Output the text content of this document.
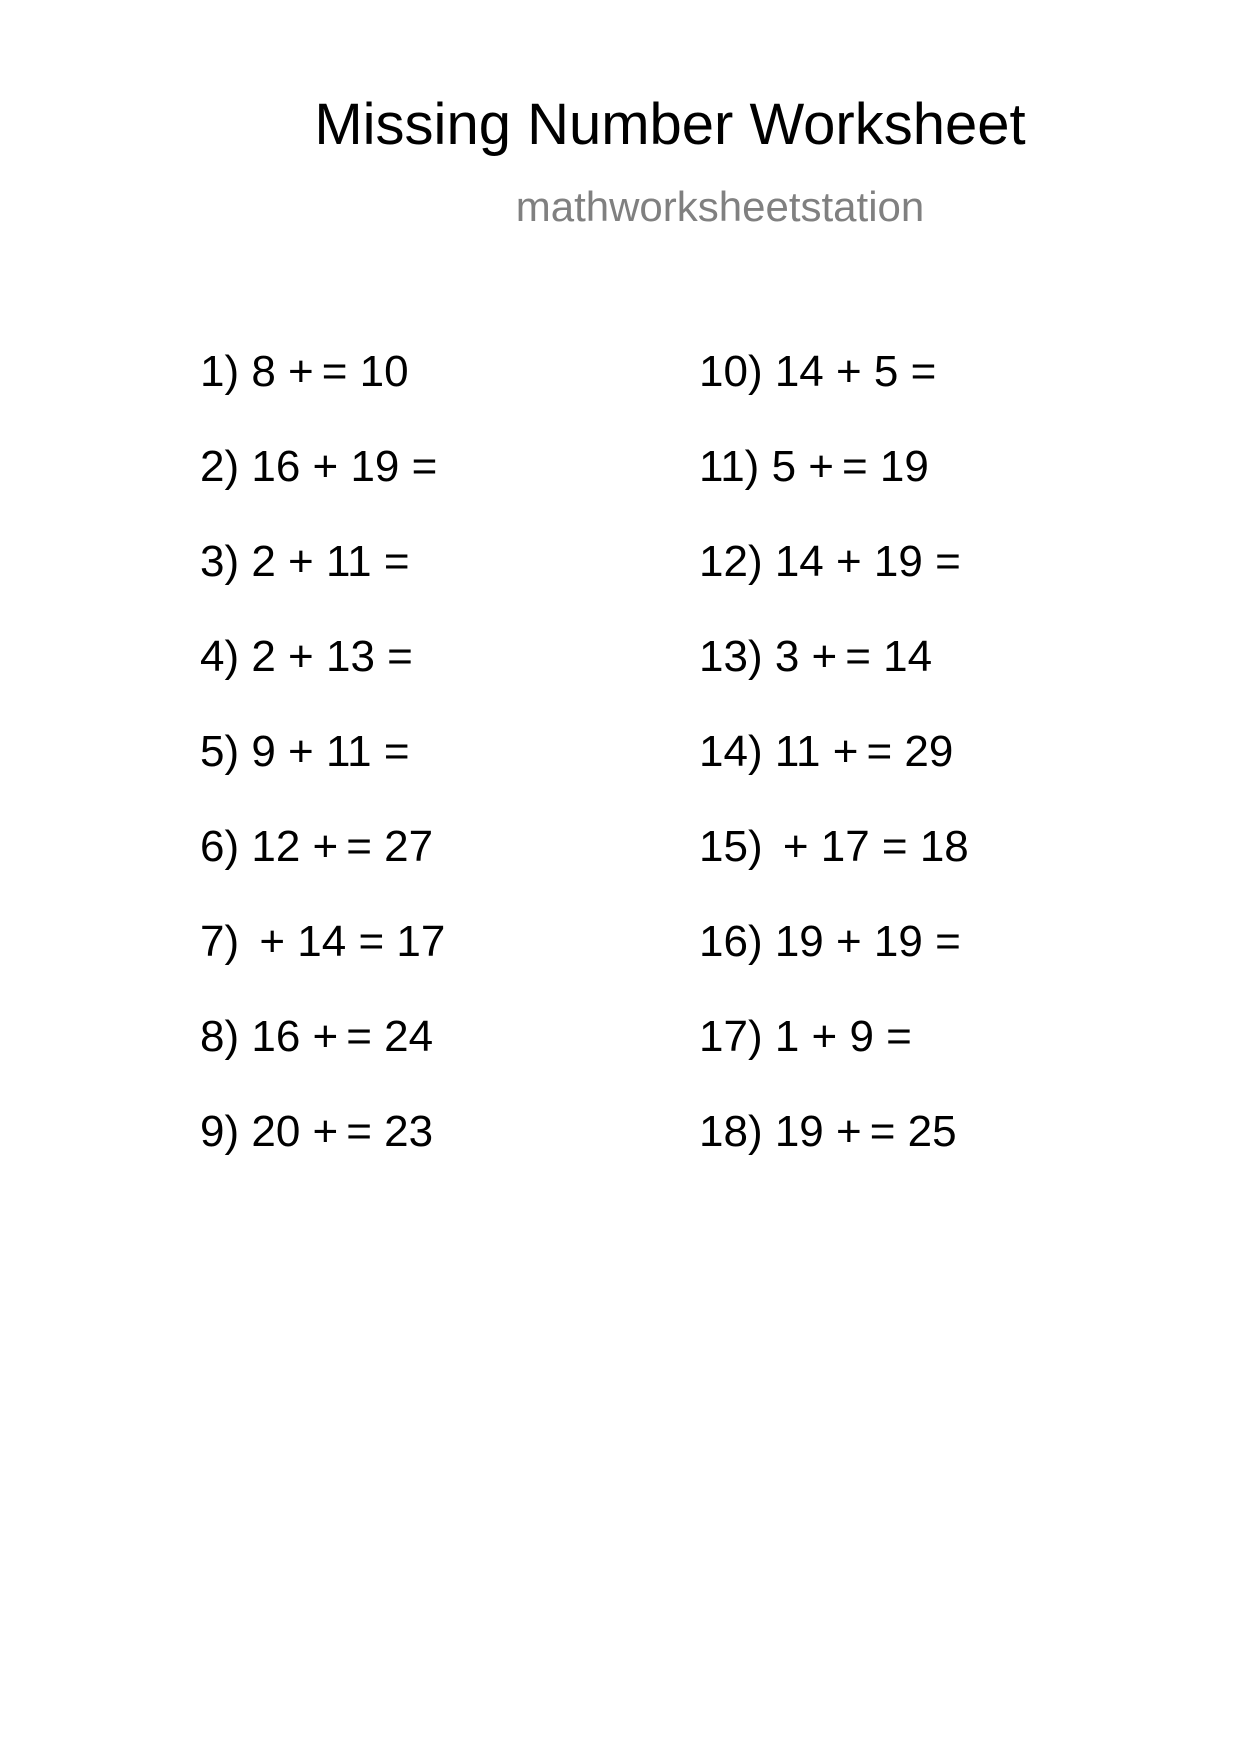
Missing Number Worksheet
mathworksheetstation
1) 8 + = 10
2) 16 + 19 =
3) 2 + 11 =
4) 2 + 13 =
5) 9 + 11 =
6) 12 + = 27
7) + 14 = 17
8) 16 + = 24
9) 20 + = 23
10) 14 + 5 =
11) 5 + = 19
12) 14 + 19 =
13) 3 + = 14
14) 11 + = 29
15) + 17 = 18
16) 19 + 19 =
17) 1 + 9 =
18) 19 + = 25
